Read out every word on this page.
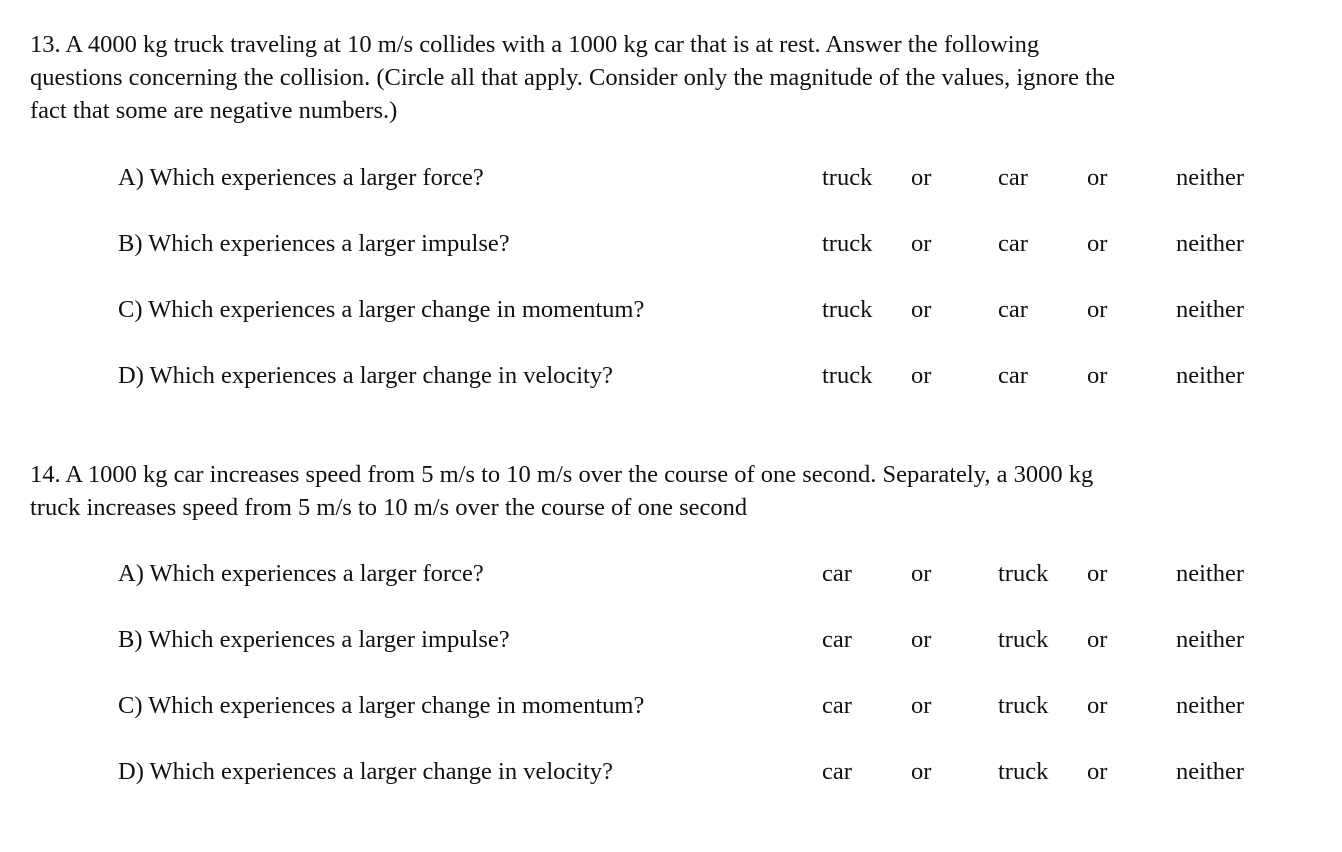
13. A 4000 kg truck traveling at 10 m/s collides with a 1000 kg car that is at rest. Answer the following
questions concerning the collision. (Circle all that apply. Consider only the magnitude of the values, ignore the
fact that some are negative numbers.)
A) Which experiences a larger force?	truck or	car or	neither
B) Which experiences a larger impulse?	truck or	car or	neither
C) Which experiences a larger change in momentum?	truck or	car or	neither
D) Which experiences a larger change in velocity?	truck or	car or	neither
14. A 1000 kg car increases speed from 5 m/s to 10 m/s over the course of one second. Separately, a 3000 kg
truck increases speed from 5 m/s to 10 m/s over the course of one second
A) Which experiences a larger force?	car or	truck or	neither
B) Which experiences a larger impulse?	car or	truck or	neither
C) Which experiences a larger change in momentum?	car or	truck or	neither
D) Which experiences a larger change in velocity?	car or	truck or	neither
